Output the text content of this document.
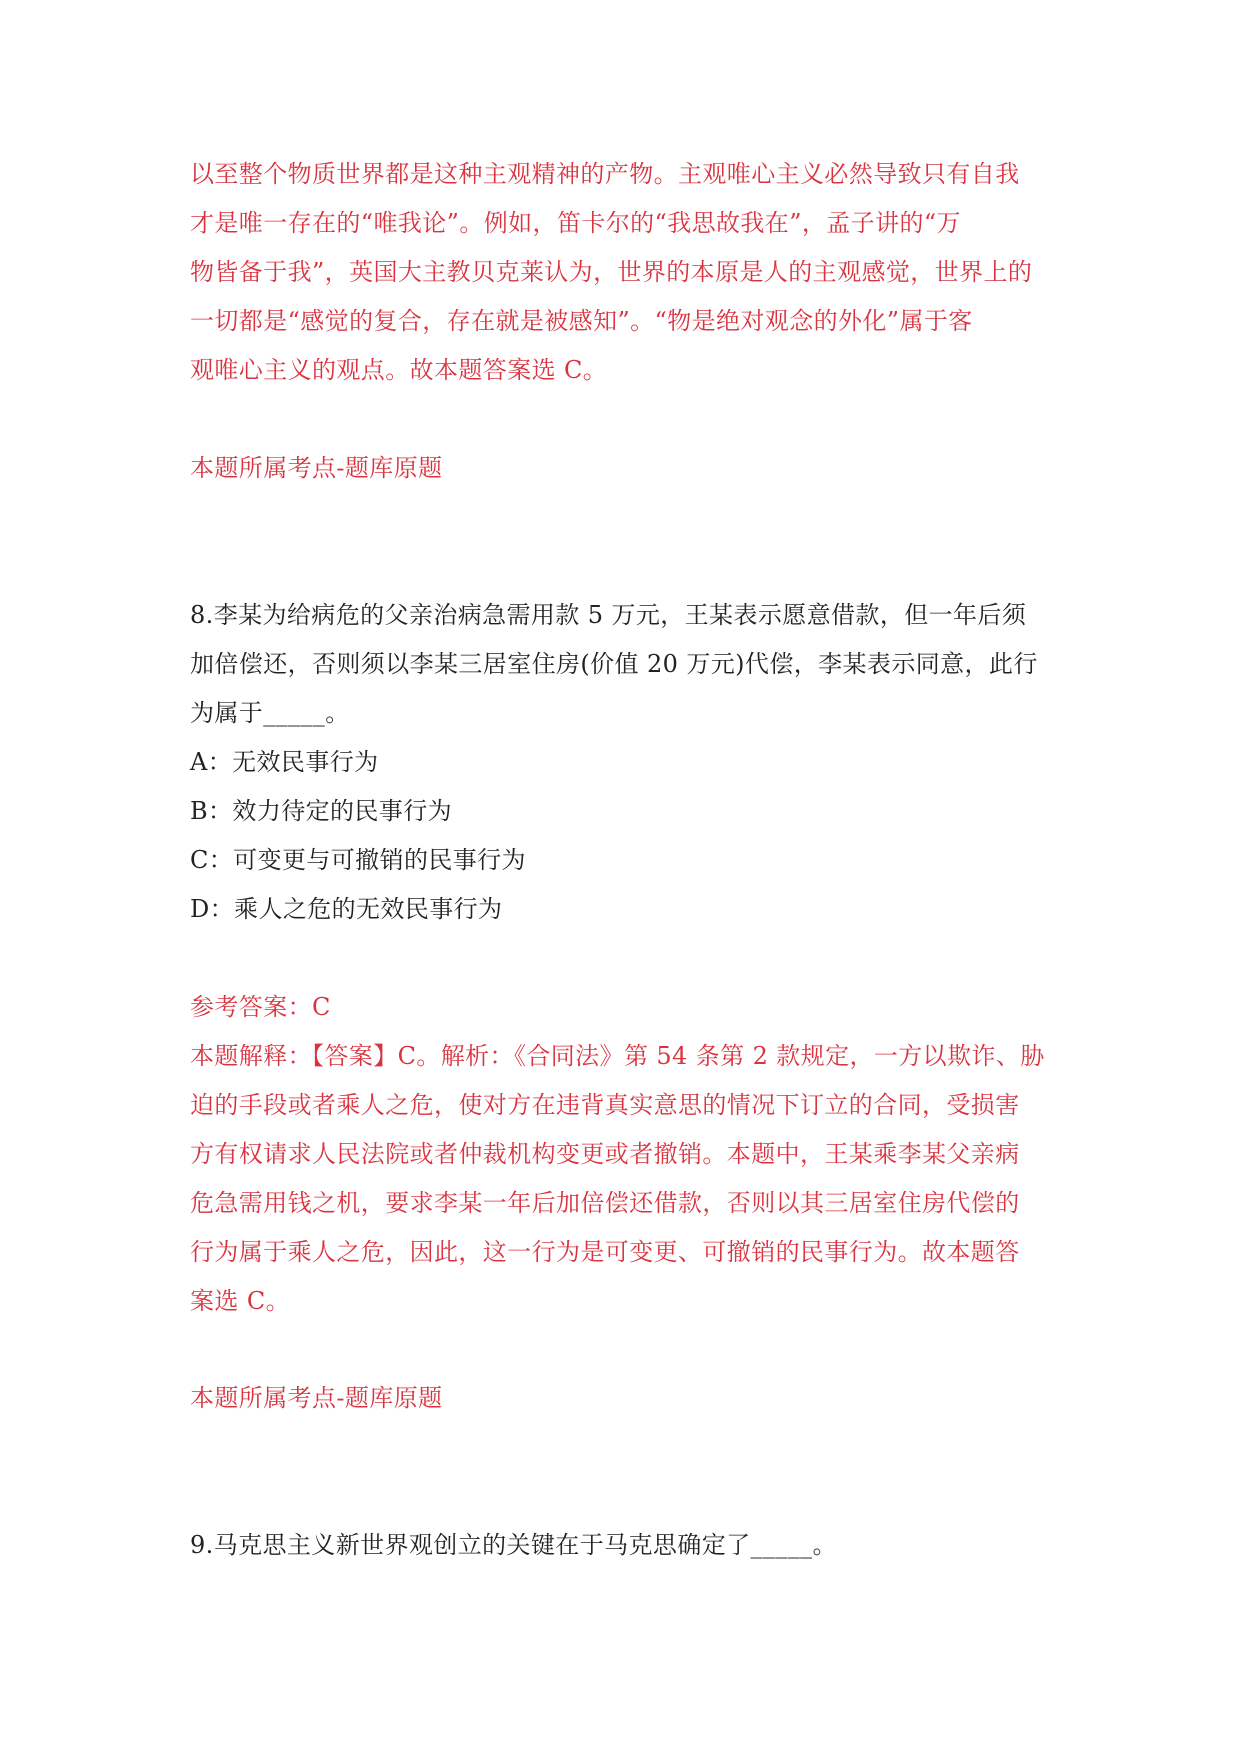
以至整个物质世界都是这种主观精神的产物。主观唯心主义必然导致只有自我
才是唯一存在的“唯我论”。例如，笛卡尔的“我思故我在”，孟子讲的“万
物皆备于我”，英国大主教贝克莱认为，世界的本原是人的主观感觉，世界上的
一切都是“感觉的复合，存在就是被感知”。“物是绝对观念的外化”属于客
观唯心主义的观点。故本题答案选 C。
本题所属考点-题库原题
8.李某为给病危的父亲治病急需用款 5 万元，王某表示愿意借款，但一年后须
加倍偿还，否则须以李某三居室住房(价值 20 万元)代偿，李某表示同意，此行
为属于_____。
A：无效民事行为
B：效力待定的民事行为
C：可变更与可撤销的民事行为
D：乘人之危的无效民事行为
参考答案：C
本题解释：【答案】C。解析：《合同法》第 54 条第 2 款规定，一方以欺诈、胁
迫的手段或者乘人之危，使对方在违背真实意思的情况下订立的合同，受损害
方有权请求人民法院或者仲裁机构变更或者撤销。本题中，王某乘李某父亲病
危急需用钱之机，要求李某一年后加倍偿还借款，否则以其三居室住房代偿的
行为属于乘人之危，因此，这一行为是可变更、可撤销的民事行为。故本题答
案选 C。
本题所属考点-题库原题
9.马克思主义新世界观创立的关键在于马克思确定了_____。
